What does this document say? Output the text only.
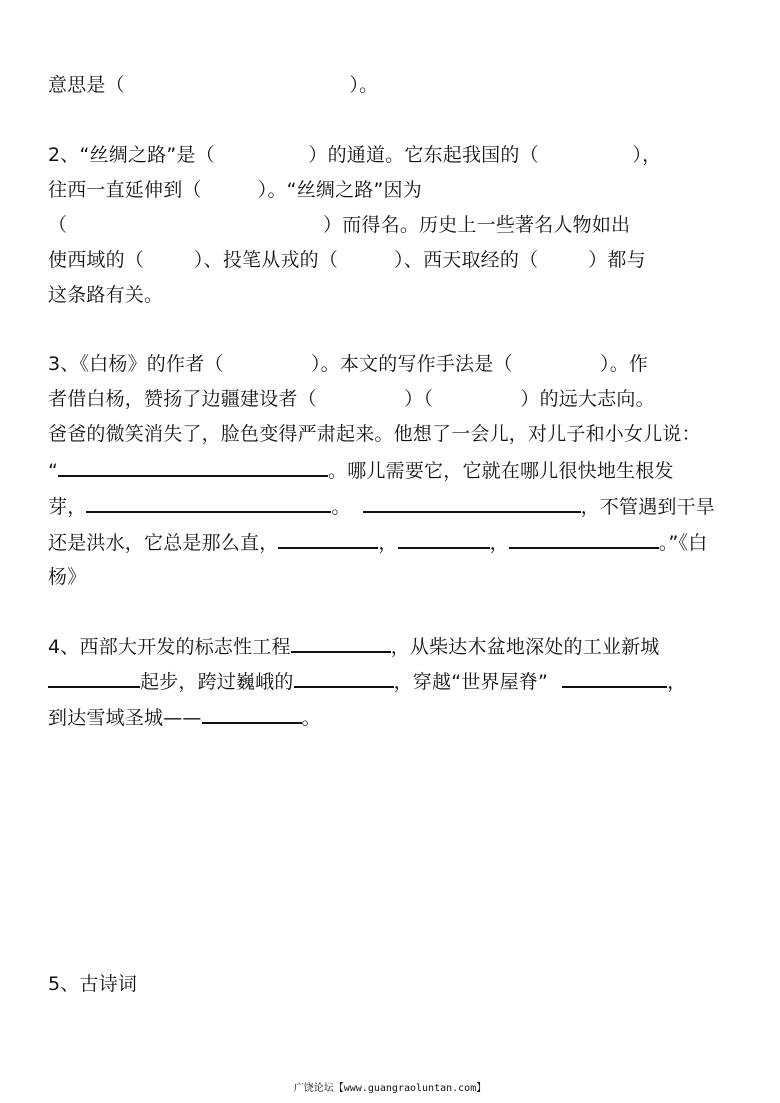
意思是（                                    ）。
2、“丝绸之路”是（               ）的通道。它东起我国的（               ），
往西一直延伸到（         ）。“丝绸之路”因为
（                                         ）而得名。历史上一些著名人物如出
使西域的（        ）、投笔从戎的（         ）、西天取经的（        ）都与
这条路有关。
3、《白杨》的作者（              ）。本文的写作手法是（              ）。作
者借白杨，赞扬了边疆建设者（              ）（              ）的远大志向。
爸爸的微笑消失了，脸色变得严肃起来。他想了一会儿，对儿子和小女儿说：
“	。哪儿需要它，它就在哪儿很快地生根发
芽，	。	，不管遇到干旱
还是洪水，它总是那么直，	，	，	。”《白
杨》
4、西部大开发的标志性工程	，从柴达木盆地深处的工业新城
起步，跨过巍峨的	，穿越“世界屋脊”	，
到达雪域圣城——	。
5、古诗词
广饶论坛【www.guangraoluntan.com】
